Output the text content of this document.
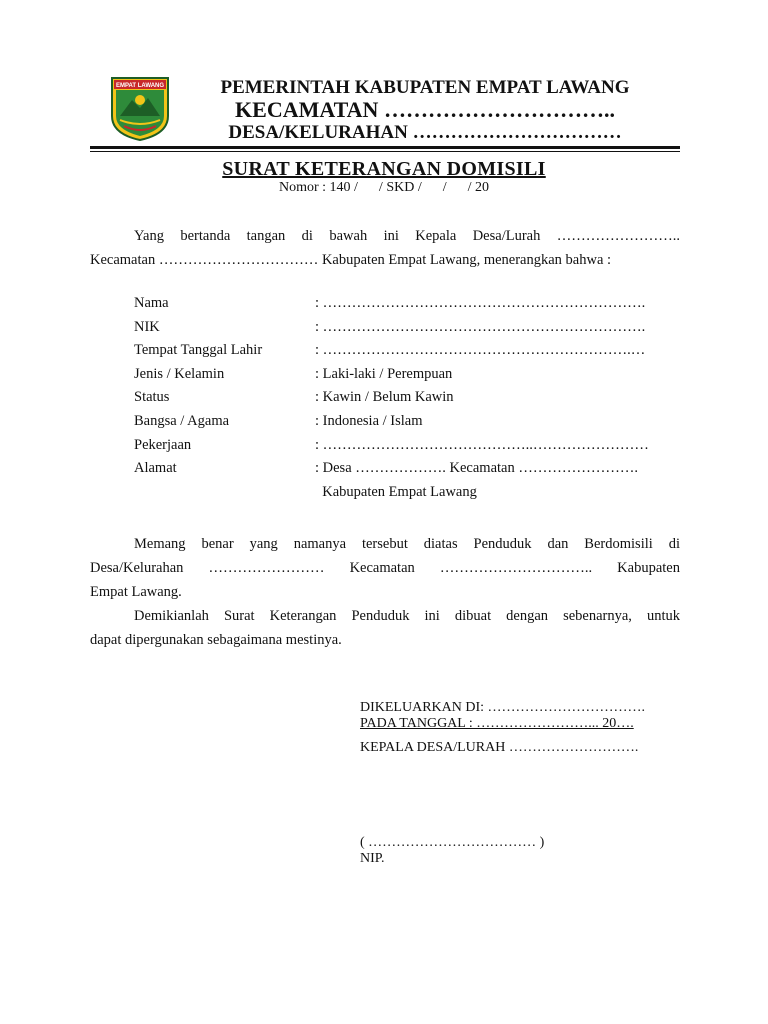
EMPAT LAWANG	PEMERINTAH KABUPATEN EMPAT LAWANG
KECAMATAN …………………………..
DESA/KELURAHAN ……………………………
SURAT KETERANGAN DOMISILI
Nomor : 140 /      / SKD /      /      / 20
Yang bertanda tangan di bawah ini Kepala Desa/Lurah ……………………..
Kecamatan …………………………… Kabupaten Empat Lawang, menerangkan bahwa :
Nama	: ………………………………………………………….
NIK	: ………………………………………………………….
Tempat Tanggal Lahir	: ……………………………………………………….…
Jenis / Kelamin	: Laki-laki / Perempuan
Status	: Kawin / Belum Kawin
Bangsa / Agama	: Indonesia / Islam
Pekerjaan	: ……………………………………..……………………
Alamat	: Desa ………………. Kecamatan …………………….
Kabupaten Empat Lawang
Memang benar yang namanya tersebut diatas Penduduk dan Berdomisili di
Desa/Kelurahan …………………… Kecamatan ………………………….. Kabupaten
Empat Lawang.
Demikianlah Surat Keterangan Penduduk ini dibuat dengan sebenarnya, untuk
dapat dipergunakan sebagaimana mestinya.
DIKELUARKAN DI: …………………………….
PADA TANGGAL : ……………………... 20….
KEPALA DESA/LURAH ……………………….
( ……………………………… )
NIP.
